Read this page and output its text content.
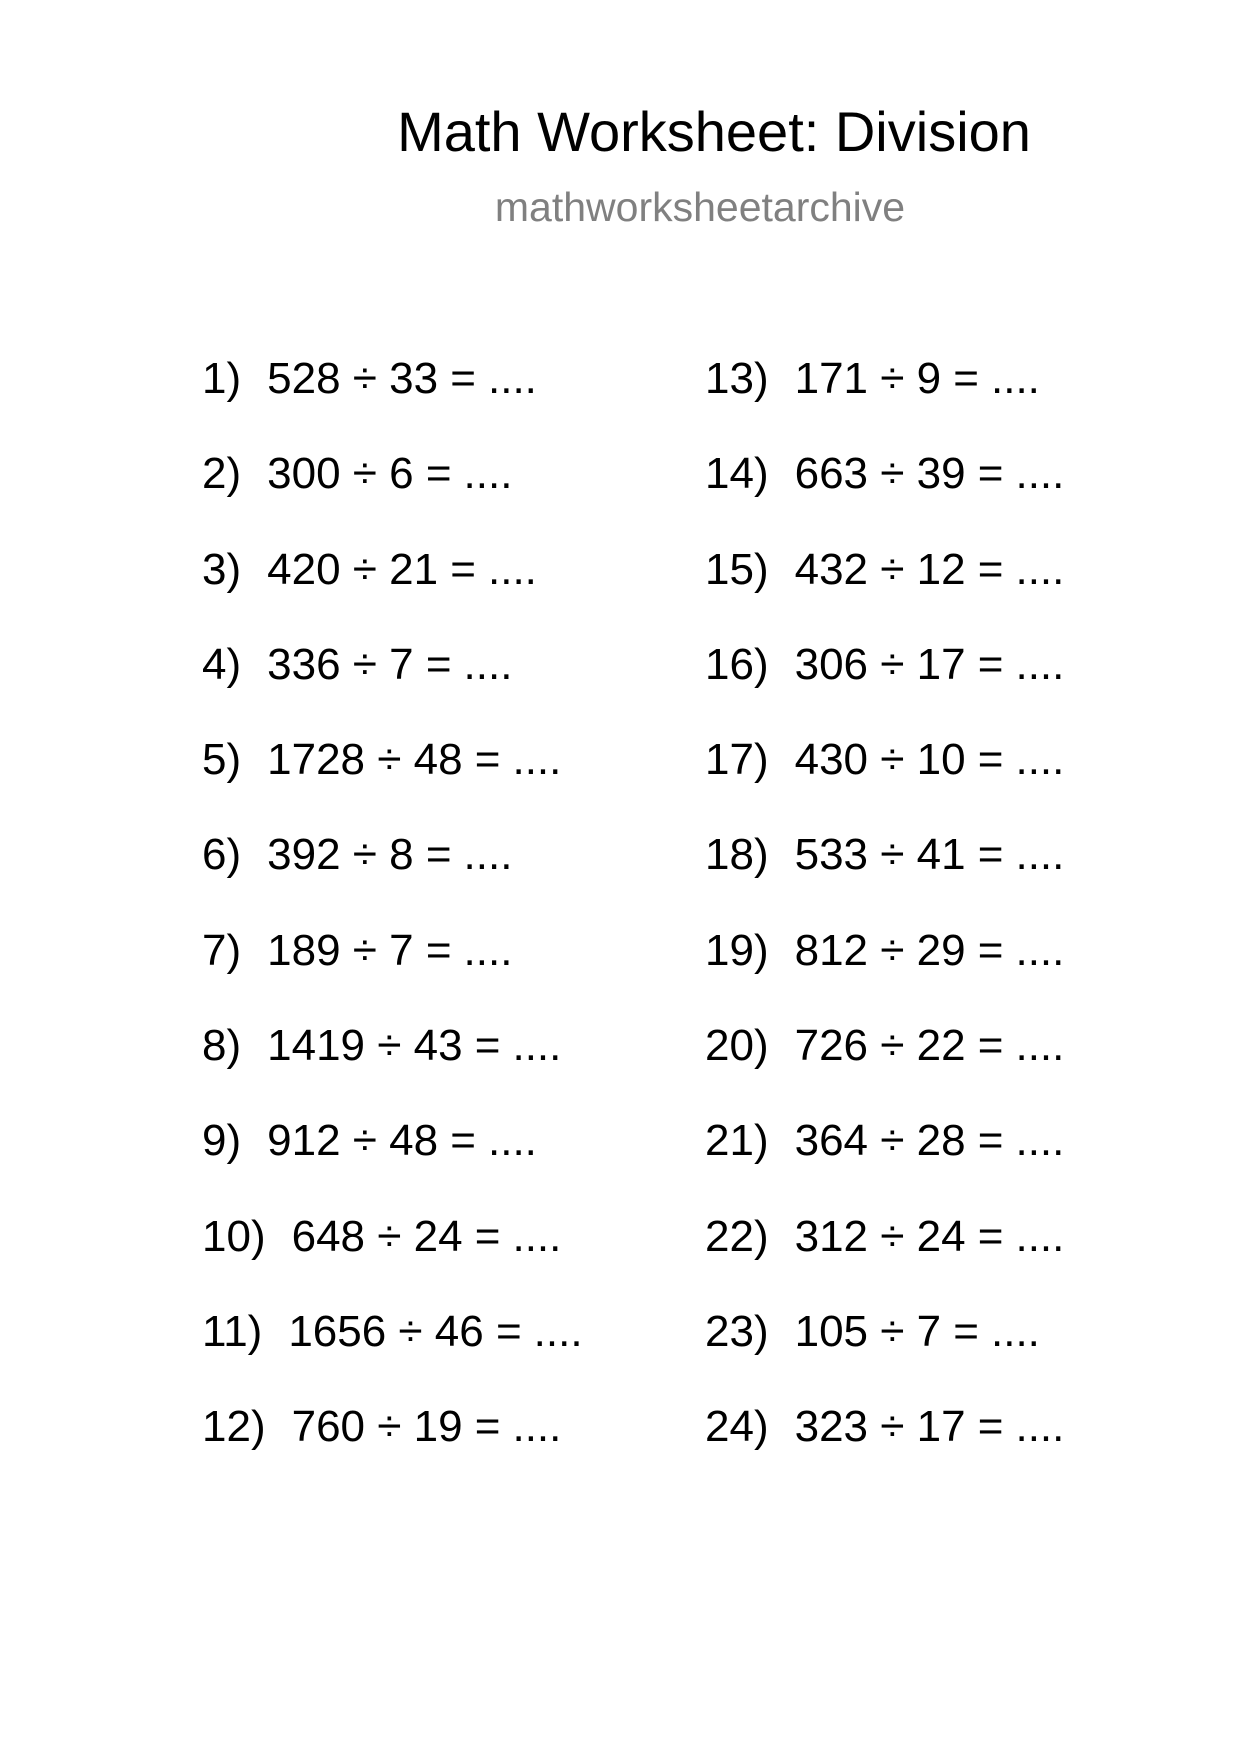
Math Worksheet: Division
mathworksheetarchive
1) 528 ÷ 33 = ....
2) 300 ÷ 6 = ....
3) 420 ÷ 21 = ....
4) 336 ÷ 7 = ....
5) 1728 ÷ 48 = ....
6) 392 ÷ 8 = ....
7) 189 ÷ 7 = ....
8) 1419 ÷ 43 = ....
9) 912 ÷ 48 = ....
10) 648 ÷ 24 = ....
11) 1656 ÷ 46 = ....
12) 760 ÷ 19 = ....
13) 171 ÷ 9 = ....
14) 663 ÷ 39 = ....
15) 432 ÷ 12 = ....
16) 306 ÷ 17 = ....
17) 430 ÷ 10 = ....
18) 533 ÷ 41 = ....
19) 812 ÷ 29 = ....
20) 726 ÷ 22 = ....
21) 364 ÷ 28 = ....
22) 312 ÷ 24 = ....
23) 105 ÷ 7 = ....
24) 323 ÷ 17 = ....
